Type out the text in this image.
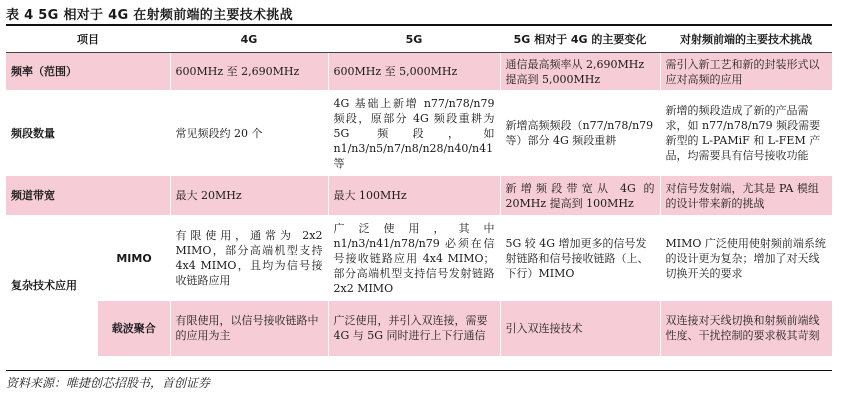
表 4 5G 相对于 4G 在射频前端的主要技术挑战
项目		4G	5G	5G 相对于 4G 的主要变化	对射频前端的主要技术挑战
频率（范围）		600MHz 至 2,690MHz	600MHz 至 5,000MHz	通信最高频率从 2,690MHz 提高到 5,000MHz	需引入新工艺和新的封装形式以应对高频的应用
频段数量		常见频段约 20 个	4G 基础上新增 n77/n78/n79 频段，原部分 4G 频段重耕为 5G 频段，如 n1/n3/n5/n7/n8/n28/n40/n41 等	新增高频频段（n77/n78/n79 等）部分 4G 频段重耕	新增的频段造成了新的产品需求，如 n77/n78/n79 频段需要新型的 L-PAMiF 和 L-FEM 产品，均需要具有信号接收功能
频道带宽		最大 20MHz	最大 100MHz	新增频段带宽从 4G 的 20MHz 提高到 100MHz	对信号发射端，尤其是 PA 模组的设计带来新的挑战
复杂技术应用	MIMO	有限使用，通常为 2x2 MIMO，部分高端机型支持 4x4 MIMO，且均为信号接收链路应用	广泛使用，其中 n1/n3/n41/n78/n79 必须在信号接收链路应用 4x4 MIMO；部分高端机型支持信号发射链路 2x2 MIMO	5G 较 4G 增加更多的信号发射链路和信号接收链路（上、下行）MIMO	MIMO 广泛使用使射频前端系统的设计更为复杂；增加了对天线切换开关的要求
	载波聚合	有限使用，以信号接收链路中的应用为主	广泛使用，并引入双连接，需要 4G 与 5G 同时进行上下行通信	引入双连接技术	双连接对天线切换和射频前端线性度、干扰控制的要求极其苛刻
资料来源：唯捷创芯招股书，首创证券
